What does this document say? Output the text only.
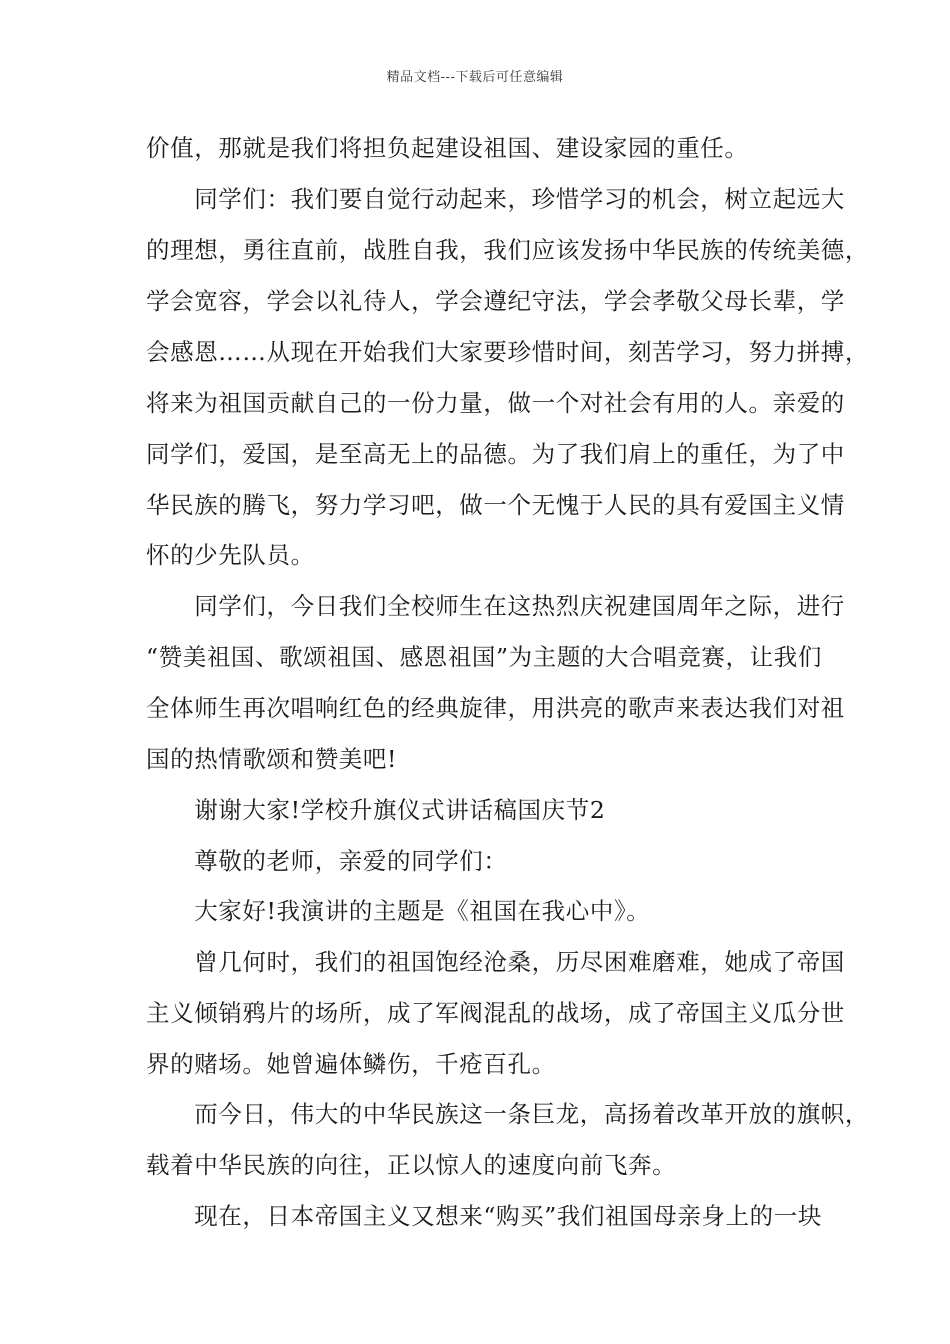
精品文档---下载后可任意编辑
价值，那就是我们将担负起建设祖国、建设家园的重任。
　　同学们：我们要自觉行动起来，珍惜学习的机会，树立起远大
的理想，勇往直前，战胜自我，我们应该发扬中华民族的传统美德，
学会宽容，学会以礼待人，学会遵纪守法，学会孝敬父母长辈，学
会感恩……从现在开始我们大家要珍惜时间，刻苦学习，努力拼搏，
将来为祖国贡献自己的一份力量，做一个对社会有用的人。亲爱的
同学们，爱国，是至高无上的品德。为了我们肩上的重任，为了中
华民族的腾飞，努力学习吧，做一个无愧于人民的具有爱国主义情
怀的少先队员。
　　同学们，今日我们全校师生在这热烈庆祝建国周年之际，进行
“赞美祖国、歌颂祖国、感恩祖国”为主题的大合唱竞赛，让我们
全体师生再次唱响红色的经典旋律，用洪亮的歌声来表达我们对祖
国的热情歌颂和赞美吧!
　　谢谢大家!学校升旗仪式讲话稿国庆节2
　　尊敬的老师，亲爱的同学们：
　　大家好!我演讲的主题是《祖国在我心中》。
　　曾几何时，我们的祖国饱经沧桑，历尽困难磨难，她成了帝国
主义倾销鸦片的场所，成了军阀混乱的战场，成了帝国主义瓜分世
界的赌场。她曾遍体鳞伤，千疮百孔。
　　而今日，伟大的中华民族这一条巨龙，高扬着改革开放的旗帜，
载着中华民族的向往，正以惊人的速度向前飞奔。
　　现在，日本帝国主义又想来“购买”我们祖国母亲身上的一块
